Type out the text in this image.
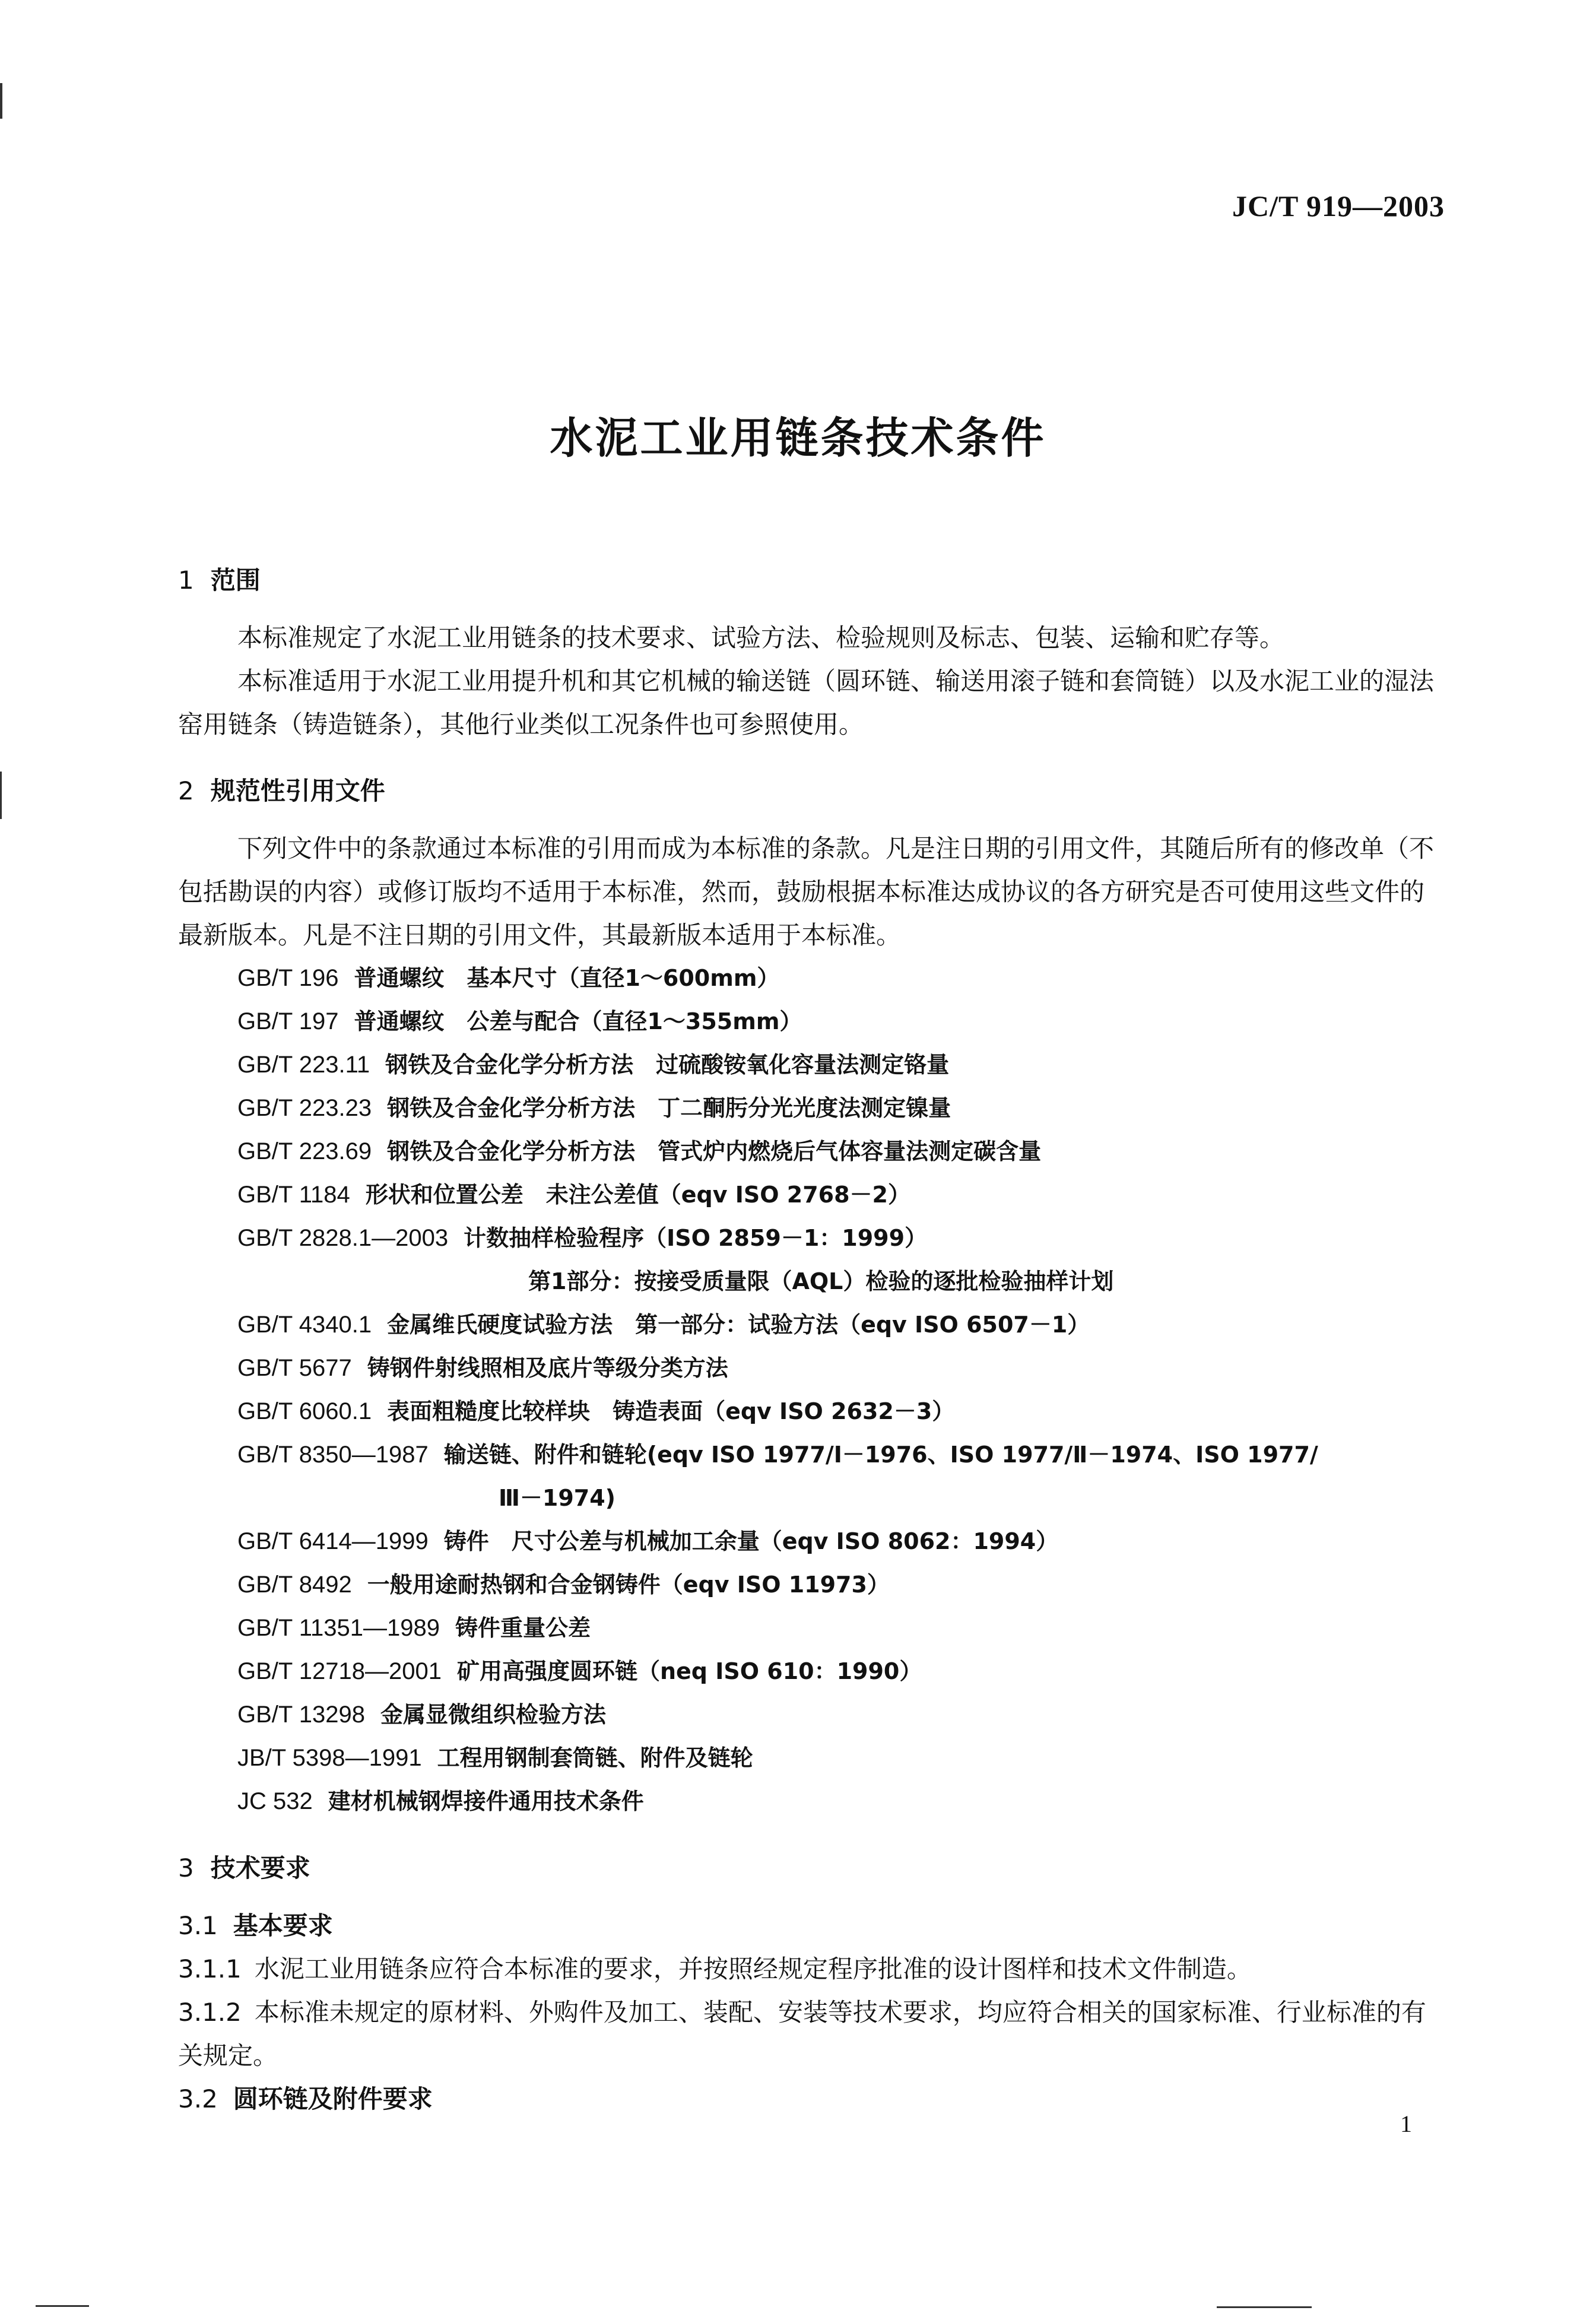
JC/T 919—2003
水泥工业用链条技术条件
1 范围
本标准规定了水泥工业用链条的技术要求、试验方法、检验规则及标志、包装、运输和贮存等。
本标准适用于水泥工业用提升机和其它机械的输送链（圆环链、输送用滚子链和套筒链）以及水泥工业的湿法窑用链条（铸造链条），其他行业类似工况条件也可参照使用。
2 规范性引用文件
下列文件中的条款通过本标准的引用而成为本标准的条款。凡是注日期的引用文件，其随后所有的修改单（不包括勘误的内容）或修订版均不适用于本标准，然而，鼓励根据本标准达成协议的各方研究是否可使用这些文件的最新版本。凡是不注日期的引用文件，其最新版本适用于本标准。
GB/T 196 普通螺纹　基本尺寸（直径1～600mm）
GB/T 197 普通螺纹　公差与配合（直径1～355mm）
GB/T 223.11 钢铁及合金化学分析方法　过硫酸铵氧化容量法测定铬量
GB/T 223.23 钢铁及合金化学分析方法　丁二酮肟分光光度法测定镍量
GB/T 223.69 钢铁及合金化学分析方法　管式炉内燃烧后气体容量法测定碳含量
GB/T 1184 形状和位置公差　未注公差值（eqv ISO 2768－2）
GB/T 2828.1—2003 计数抽样检验程序（ISO 2859－1：1999）
第1部分：按接受质量限（AQL）检验的逐批检验抽样计划
GB/T 4340.1 金属维氏硬度试验方法　第一部分：试验方法（eqv ISO 6507－1）
GB/T 5677 铸钢件射线照相及底片等级分类方法
GB/T 6060.1 表面粗糙度比较样块　铸造表面（eqv ISO 2632－3）
GB/T 8350—1987 输送链、附件和链轮(eqv ISO 1977/Ⅰ－1976、ISO 1977/Ⅱ－1974、ISO 1977/
Ⅲ－1974)
GB/T 6414—1999 铸件　尺寸公差与机械加工余量（eqv ISO 8062：1994）
GB/T 8492 一般用途耐热钢和合金钢铸件（eqv ISO 11973）
GB/T 11351—1989 铸件重量公差
GB/T 12718—2001 矿用高强度圆环链（neq ISO 610：1990）
GB/T 13298 金属显微组织检验方法
JB/T 5398—1991 工程用钢制套筒链、附件及链轮
JC 532 建材机械钢焊接件通用技术条件
3 技术要求
3.1 基本要求
3.1.1 水泥工业用链条应符合本标准的要求，并按照经规定程序批准的设计图样和技术文件制造。
3.1.2 本标准未规定的原材料、外购件及加工、装配、安装等技术要求，均应符合相关的国家标准、行业标准的有关规定。
3.2 圆环链及附件要求
1
